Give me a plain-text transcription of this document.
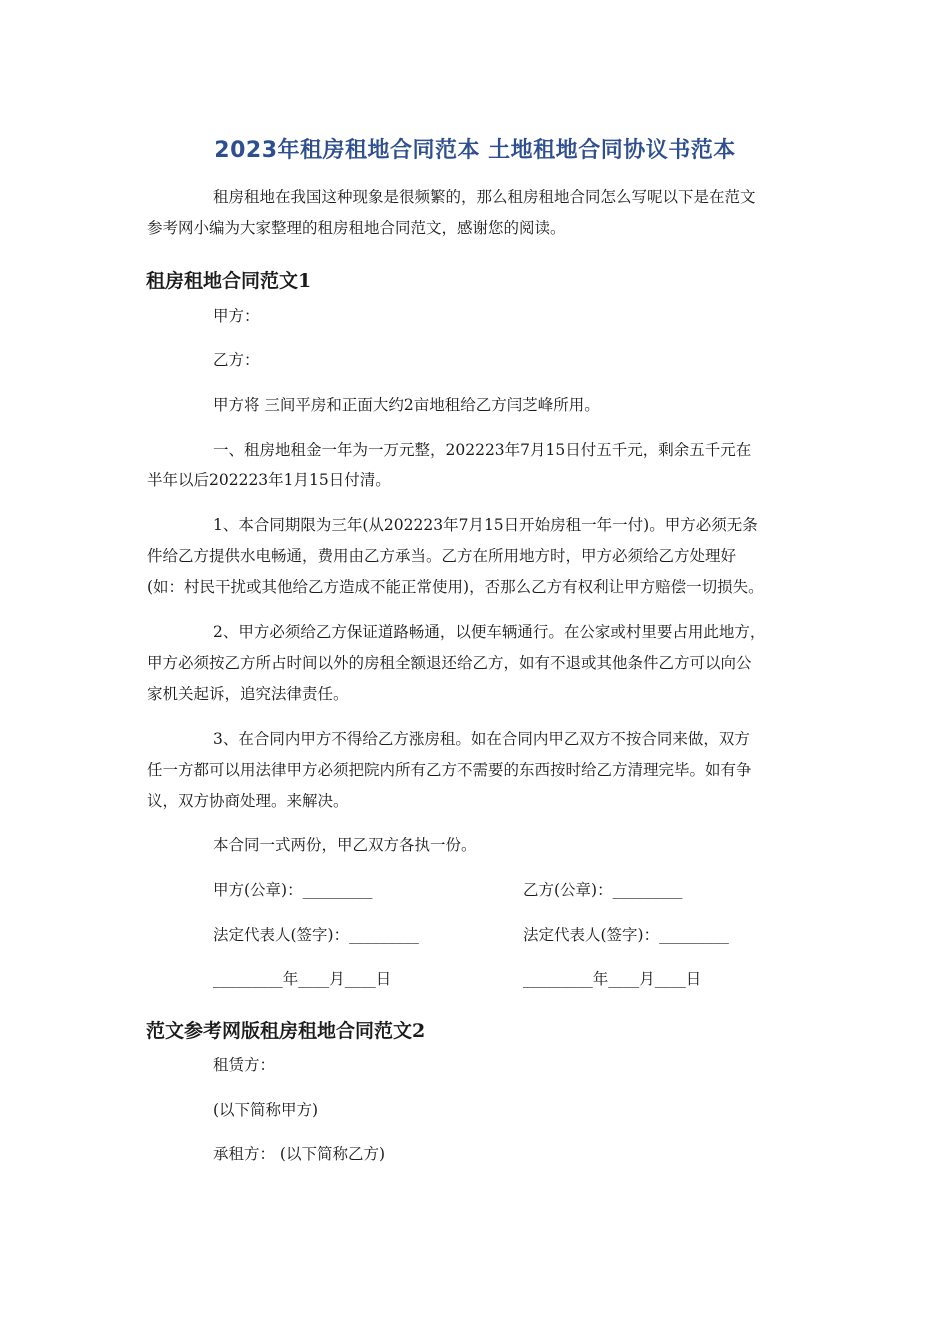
2023年租房租地合同范本 土地租地合同协议书范本
租房租地在我国这种现象是很频繁的，那么租房租地合同怎么写呢以下是在范文
参考网小编为大家整理的租房租地合同范文，感谢您的阅读。
租房租地合同范文1
甲方：
乙方：
甲方将 三间平房和正面大约2亩地租给乙方闫芝峰所用。
一、租房地租金一年为一万元整，202223年7月15日付五千元，剩余五千元在
半年以后202223年1月15日付清。
1、本合同期限为三年(从202223年7月15日开始房租一年一付)。甲方必须无条
件给乙方提供水电畅通，费用由乙方承当。乙方在所用地方时，甲方必须给乙方处理好
(如：村民干扰或其他给乙方造成不能正常使用)，否那么乙方有权利让甲方赔偿一切损失。
2、甲方必须给乙方保证道路畅通，以便车辆通行。在公家或村里要占用此地方，
甲方必须按乙方所占时间以外的房租全额退还给乙方，如有不退或其他条件乙方可以向公
家机关起诉，追究法律责任。
3、在合同内甲方不得给乙方涨房租。如在合同内甲乙双方不按合同来做，双方
任一方都可以用法律甲方必须把院内所有乙方不需要的东西按时给乙方清理完毕。如有争
议，双方协商处理。来解决。
本合同一式两份，甲乙双方各执一份。
甲方(公章)：_________	乙方(公章)：_________
法定代表人(签字)：_________	法定代表人(签字)：_________
_________年____月____日	_________年____月____日
范文参考网版租房租地合同范文2
租赁方：
(以下简称甲方)
承租方： (以下简称乙方)
